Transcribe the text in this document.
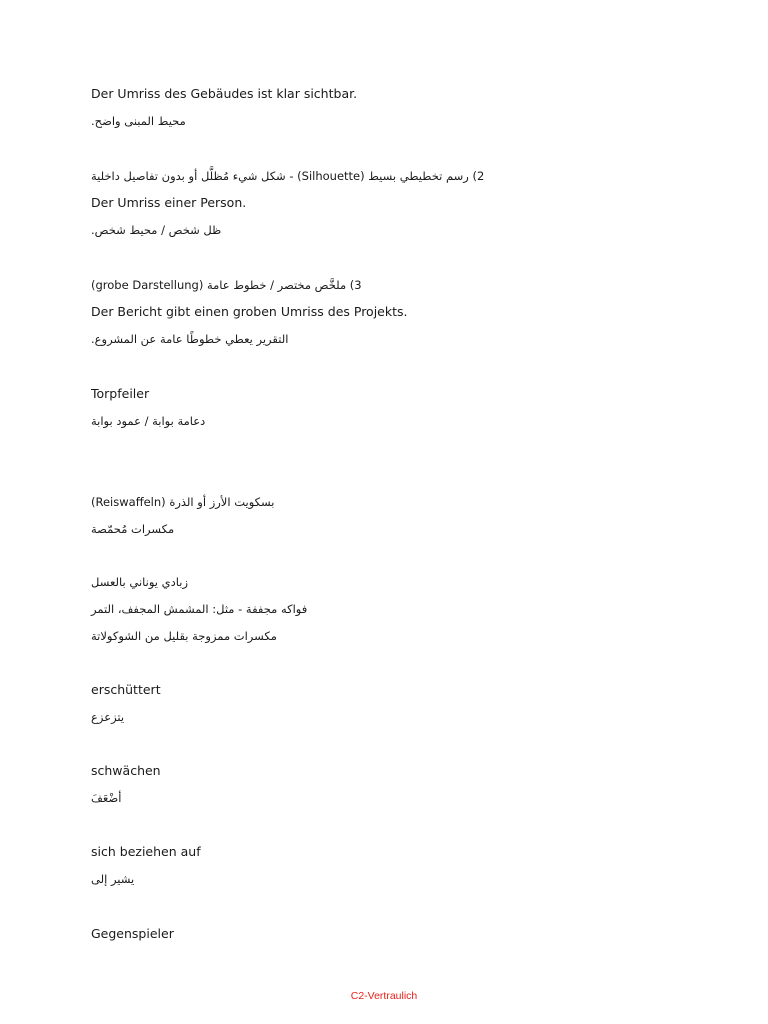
Der Umriss des Gebäudes ist klar sichtbar.

محيط المبنى واضح.

2) رسم تخطيطي بسيط (Silhouette) - شكل شيء مُظلَّل أو بدون تفاصيل داخلية

Der Umriss einer Person.

ظل شخص / محيط شخص.

3) ملخَّص مختصر / خطوط عامة (grobe Darstellung)

Der Bericht gibt einen groben Umriss des Projekts.

التقرير يعطي خطوطًا عامة عن المشروع.

Torpfeiler

دعامة بوابة / عمود بوابة

بسكويت الأرز أو الذرة (Reiswaffeln)

مكسرات مُحمّصة

زبادي يوناني بالعسل

فواكه مجففة - مثل: المشمش المجفف، التمر

مكسرات ممزوجة بقليل من الشوكولاتة

erschüttert

يتزعزع

schwächen

أضْعَفَ

sich beziehen auf

يشير إلى

Gegenspieler

C2-Vertraulich
